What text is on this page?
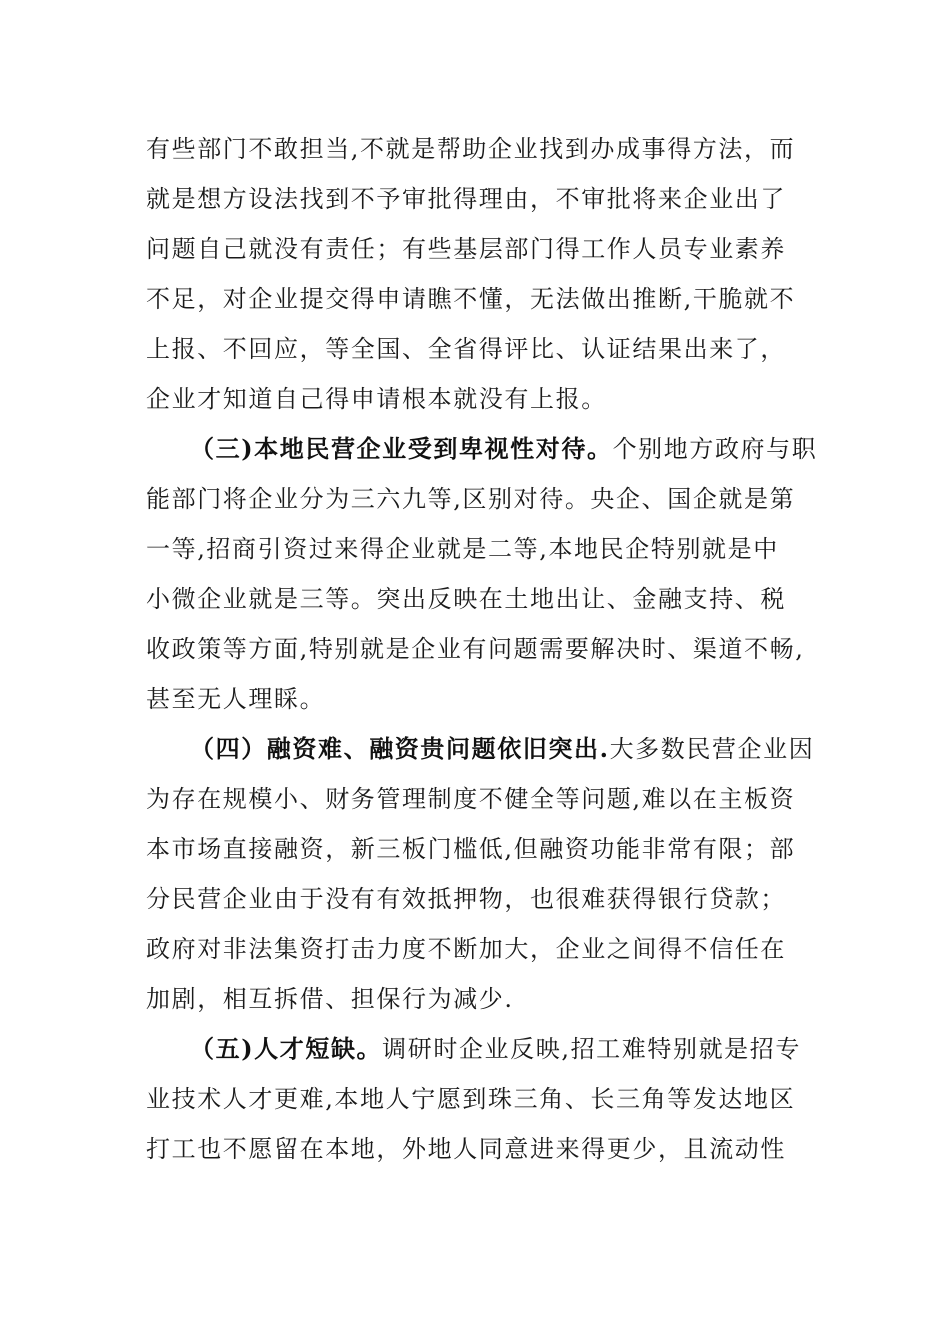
有些部门不敢担当,不就是帮助企业找到办成事得方法，而
就是想方设法找到不予审批得理由，不审批将来企业出了
问题自己就没有责任；有些基层部门得工作人员专业素养
不足，对企业提交得申请瞧不懂，无法做出推断,干脆就不
上报、不回应，等全国、全省得评比、认证结果出来了，
企业才知道自己得申请根本就没有上报。
（三)本地民营企业受到卑视性对待。个别地方政府与职
能部门将企业分为三六九等,区别对待。央企、国企就是第
一等,招商引资过来得企业就是二等,本地民企特别就是中
小微企业就是三等。突出反映在土地出让、金融支持、税
收政策等方面,特别就是企业有问题需要解决时、渠道不畅,
甚至无人理睬。
（四）融资难、融资贵问题依旧突出.大多数民营企业因
为存在规模小、财务管理制度不健全等问题,难以在主板资
本市场直接融资，新三板门槛低,但融资功能非常有限；部
分民营企业由于没有有效抵押物，也很难获得银行贷款；
政府对非法集资打击力度不断加大，企业之间得不信任在
加剧，相互拆借、担保行为减少.
（五)人才短缺。调研时企业反映,招工难特别就是招专
业技术人才更难,本地人宁愿到珠三角、长三角等发达地区
打工也不愿留在本地，外地人同意进来得更少，且流动性
